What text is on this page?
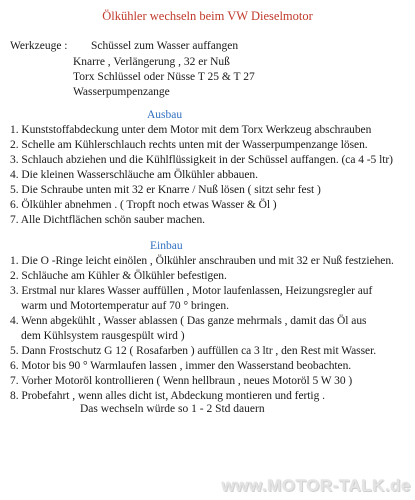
Ölkühler wechseln beim VW Dieselmotor
Werkzeuge : Schüssel zum Wasser auffangen
Knarre , Verlängerung , 32 er Nuß
Torx Schlüssel oder Nüsse T 25 & T 27
Wasserpumpenzange
Ausbau
1. Kunststoffabdeckung unter dem Motor mit dem Torx Werkzeug abschrauben
2. Schelle am Kühlerschlauch rechts unten mit der Wasserpumpenzange lösen.
3. Schlauch abziehen und die Kühlflüssigkeit in der Schüssel auffangen. (ca 4 -5 ltr)
4. Die kleinen Wasserschläuche am Ölkühler abbauen.
5. Die Schraube unten mit 32 er Knarre / Nuß lösen ( sitzt sehr fest )
6. Ölkühler abnehmen . ( Tropft noch etwas Wasser & Öl )
7. Alle Dichtflächen schön sauber machen.
Einbau
1. Die O -Ringe leicht einölen , Ölkühler anschrauben und mit 32 er Nuß festziehen.
2. Schläuche am Kühler & Ölkühler befestigen.
3. Erstmal nur klares Wasser auffüllen , Motor laufenlassen, Heizungsregler auf
warm und Motortemperatur auf 70 ° bringen.
4. Wenn abgekühlt , Wasser ablassen ( Das ganze mehrmals , damit das Öl aus
dem Kühlsystem rausgespült wird )
5. Dann Frostschutz G 12 ( Rosafarben ) auffüllen ca 3 ltr , den Rest mit Wasser.
6. Motor bis 90 ° Warmlaufen lassen , immer den Wasserstand beobachten.
7. Vorher Motoröl kontrollieren ( Wenn hellbraun , neues Motoröl 5 W 30 )
8. Probefahrt , wenn alles dicht ist, Abdeckung montieren und fertig .
Das wechseln würde so 1 - 2 Std dauern
www.MOTOR-TALK.de
